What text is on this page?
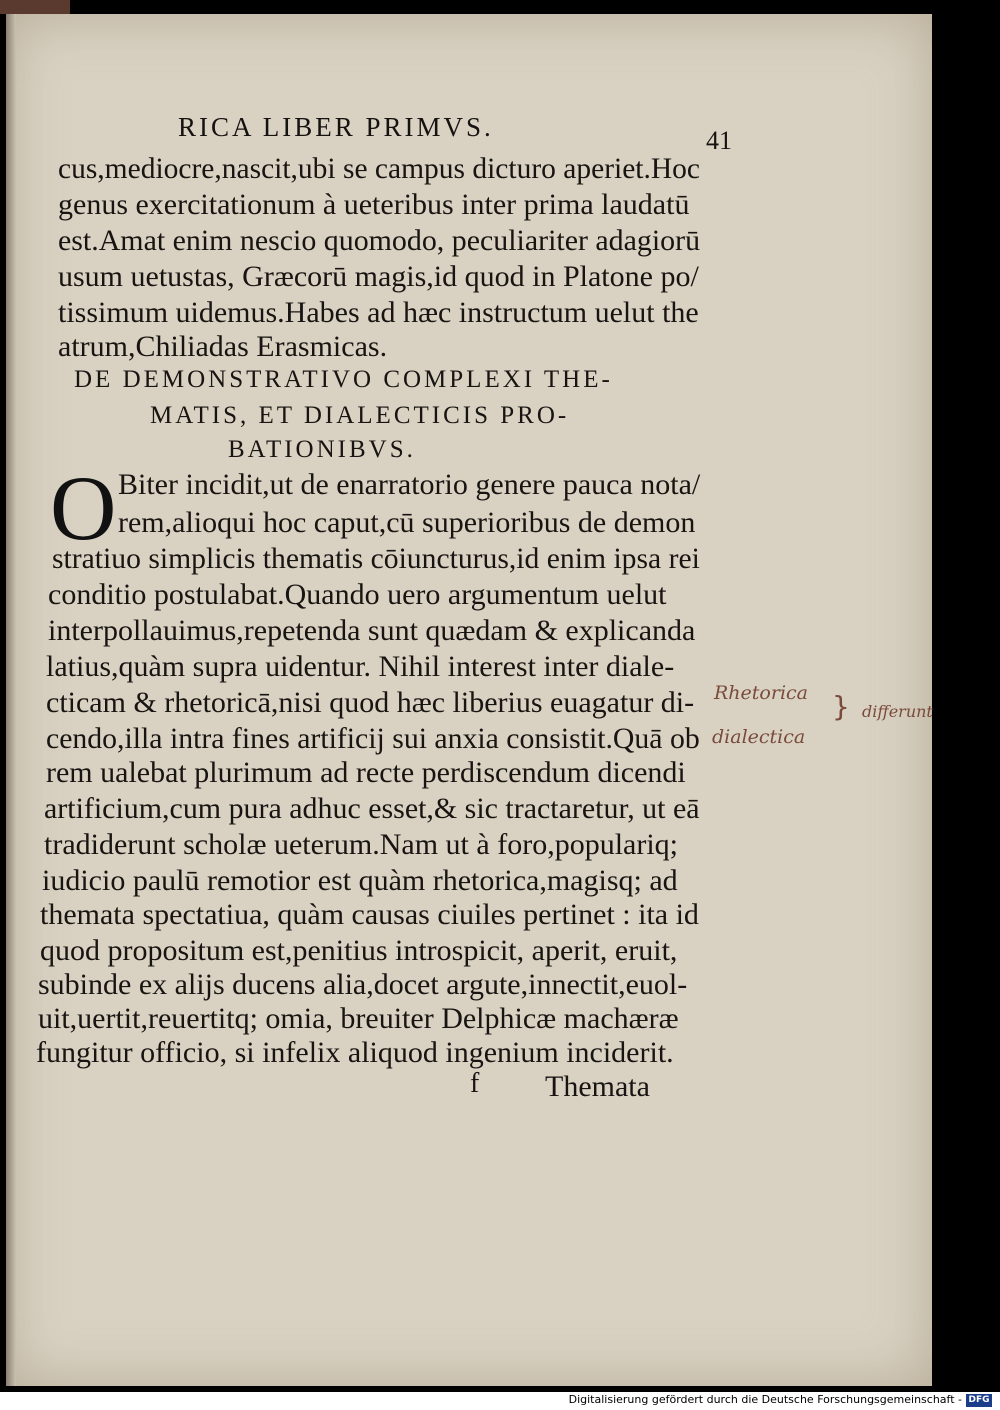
RICA LIBER PRIMVS.	41
cus,mediocre,nascit,ubi se campus dicturo aperiet.Hoc
genus exercitationum à ueteribus inter prima laudatū
est.Amat enim nescio quomodo, peculiariter adagiorū
usum uetustas, Græcorū magis,id quod in Platone po/
tissimum uidemus.Habes ad hæc instructum uelut the
atrum,Chiliadas Erasmicas.
DE DEMONSTRATIVO COMPLEXI THE-
MATIS, ET DIALECTICIS PRO-
BATIONIBVS.
O Biter incidit,ut de enarratorio genere pauca nota/
rem,alioqui hoc caput,cū superioribus de demon
stratiuo simplicis thematis cōiuncturus,id enim ipsa rei
conditio postulabat.Quando uero argumentum uelut
interpollauimus,repetenda sunt quædam & explicanda
latius,quàm supra uidentur. Nihil interest inter diale-
cticam & rhetoricā,nisi quod hæc liberius euagatur di-
cendo,illa intra fines artificij sui anxia consistit.Quā ob
rem ualebat plurimum ad recte perdiscendum dicendi
artificium,cum pura adhuc esset,& sic tractaretur, ut eā
tradiderunt scholæ ueterum.Nam ut à foro,populariq;
iudicio paulū remotior est quàm rhetorica,magisq; ad
themata spectatiua, quàm causas ciuiles pertinet : ita id
quod propositum est,penitius introspicit, aperit, eruit,
subinde ex alijs ducens alia,docet argute,innectit,euol-
uit,uertit,reuertitq; omia, breuiter Delphicæ machæræ
fungitur officio, si infelix aliquod ingenium inciderit.
f Themata
Rhetorica
dialectica
} differunt
Digitalisierung gefördert durch die Deutsche Forschungsgemeinschaft - DFG
